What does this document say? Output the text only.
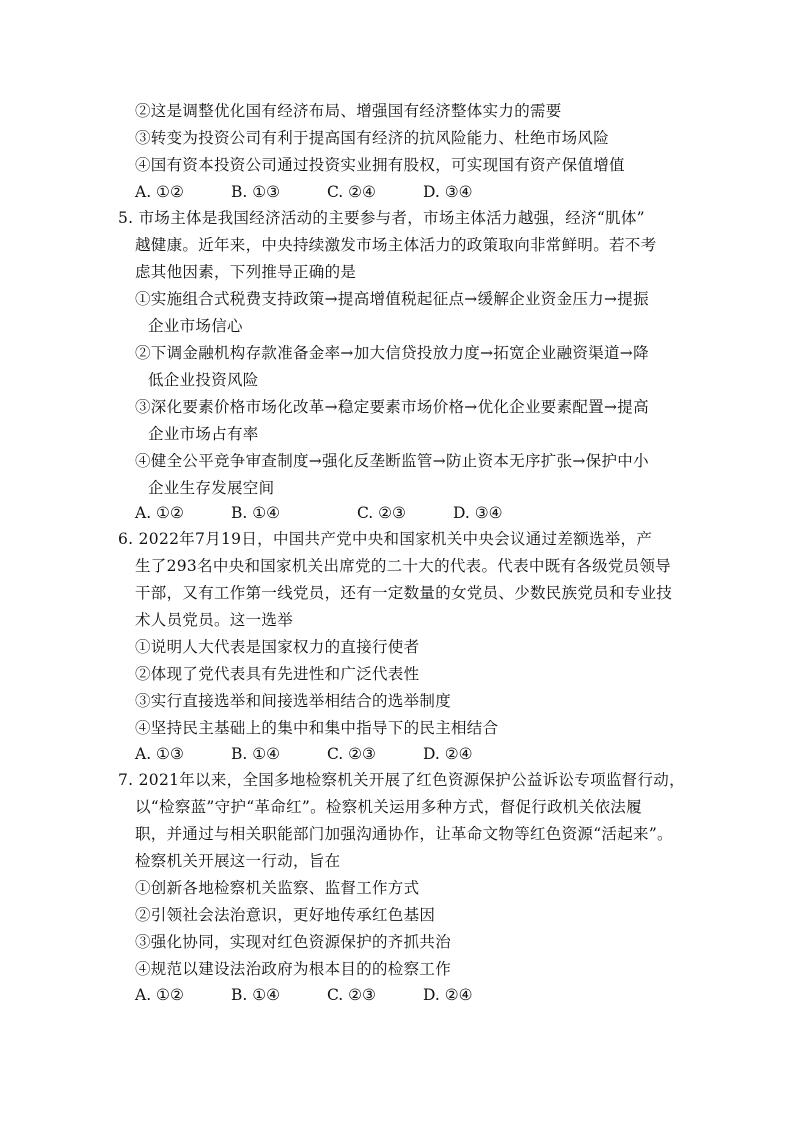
②这是调整优化国有经济布局、增强国有经济整体实力的需要
③转变为投资公司有利于提高国有经济的抗风险能力、杜绝市场风险
④国有资本投资公司通过投资实业拥有股权，可实现国有资产保值增值
A. ①②	B. ①③	C. ②④	D. ③④
5. 市场主体是我国经济活动的主要参与者，市场主体活力越强，经济“肌体”
越健康。近年来，中央持续激发市场主体活力的政策取向非常鲜明。若不考
虑其他因素，下列推导正确的是
①实施组合式税费支持政策→提高增值税起征点→缓解企业资金压力→提振
企业市场信心
②下调金融机构存款准备金率→加大信贷投放力度→拓宽企业融资渠道→降
低企业投资风险
③深化要素价格市场化改革→稳定要素市场价格→优化企业要素配置→提高
企业市场占有率
④健全公平竞争审查制度→强化反垄断监管→防止资本无序扩张→保护中小
企业生存发展空间
A. ①②	B. ①④	C. ②③	D. ③④
6. 2022年7月19日，中国共产党中央和国家机关中央会议通过差额选举，产
生了293名中央和国家机关出席党的二十大的代表。代表中既有各级党员领导
干部，又有工作第一线党员，还有一定数量的女党员、少数民族党员和专业技
术人员党员。这一选举
①说明人大代表是国家权力的直接行使者
②体现了党代表具有先进性和广泛代表性
③实行直接选举和间接选举相结合的选举制度
④坚持民主基础上的集中和集中指导下的民主相结合
A. ①③	B. ①④	C. ②③	D. ②④
7. 2021年以来，全国多地检察机关开展了红色资源保护公益诉讼专项监督行动，
以“检察蓝”守护“革命红”。检察机关运用多种方式，督促行政机关依法履
职，并通过与相关职能部门加强沟通协作，让革命文物等红色资源“活起来”。
检察机关开展这一行动，旨在
①创新各地检察机关监察、监督工作方式
②引领社会法治意识，更好地传承红色基因
③强化协同，实现对红色资源保护的齐抓共治
④规范以建设法治政府为根本目的的检察工作
A. ①②	B. ①④	C. ②③	D. ②④
